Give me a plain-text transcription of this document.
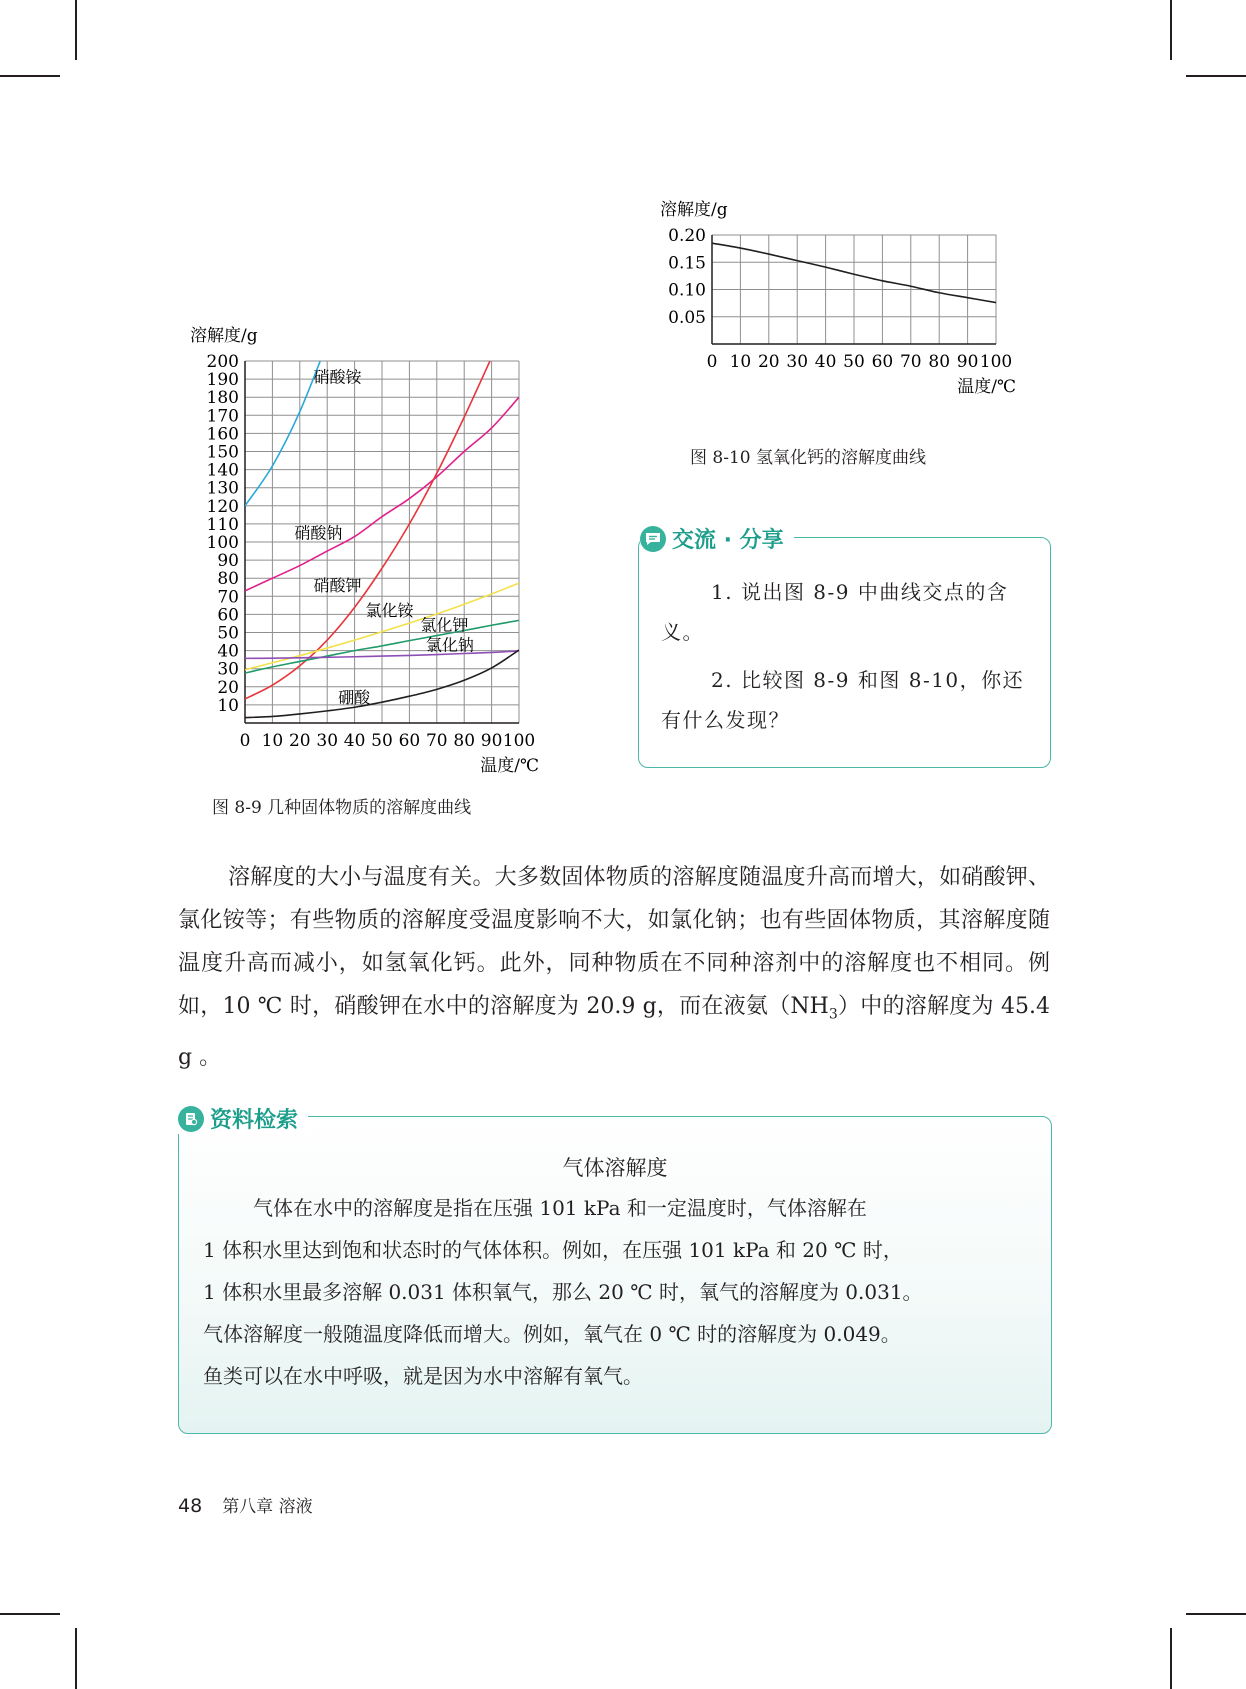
10
20
30
40
50
60
70
80
90
100
110
120
130
140
150
160
170
180
190
200
0 10 20 30 40 50 60 70 80 90 100
溶解度/g
温度/℃
硝酸铵
硝酸钠
硝酸钾
氯化铵
氯化钾
氯化钠
硼酸
图 8-9 几种固体物质的溶解度曲线
0.05
0.10
0.15
0.20
0 10 20 30 40 50 60 70 80 90 100
溶解度/g
温度/℃
图 8-10 氢氧化钙的溶解度曲线

1. 说出图 8-9 中曲线交点的含义。

2. 比较图 8-9 和图 8-10，你还有什么发现？

交流 · 分享

溶解度的大小与温度有关。大多数固体物质的溶解度随温度升高而增大，如硝酸钾、氯化铵等；有些物质的溶解度受温度影响不大，如氯化钠；也有些固体物质，其溶解度随温度升高而减小，如氢氧化钙。此外，同种物质在不同种溶剂中的溶解度也不相同。例如，10 ℃ 时，硝酸钾在水中的溶解度为 20.9 g，而在液氨$(NH_3)$中的溶解度为 45.4 g 。

气体溶解度

气体在水中的溶解度是指在压强 101 kPa 和一定温度时，气体溶解在

1 体积水里达到饱和状态时的气体体积。例如，在压强 101 kPa 和 20 ℃ 时，

1 体积水里最多溶解 0.031 体积氧气，那么 20 ℃ 时，氧气的溶解度为 0.031。

气体溶解度一般随温度降低而增大。例如，氧气在 0 ℃ 时的溶解度为 0.049。

鱼类可以在水中呼吸，就是因为水中溶解有氧气。

资料检索
48 第八章 溶液
